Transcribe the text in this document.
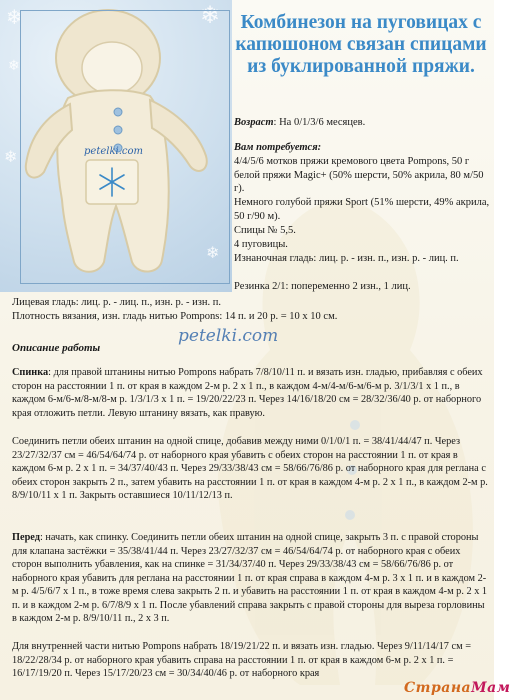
❄
❄
❄
❄
❄
petelki.com
Комбинезон на пуговицах с капюшоном связан спицами из буклированной пряжи.
Возраст: На 0/1/3/6 месяцев.
Вам потребуется:
4/4/5/6 мотков пряжи кремового цвета Pompons, 50 г белой пряжи Magic+ (50% шерсти, 50% акрила, 80 м/50 г).
Немного голубой пряжи Sport (51% шерсти, 49% акрила, 50 г/90 м).
Спицы № 5,5.
4 пуговицы.
Изнаночная гладь: лиц. р. - изн. п., изн. р. - лиц. п.
Резинка 2/1: попеременно 2 изн., 1 лиц.
Лицевая гладь: лиц. р. - лиц. п., изн. р. - изн. п.
Плотность вязания, изн. гладь нитью Pompons: 14 п. и 20 р. = 10 х 10 см.
petelki.com
Описание работы

Спинка: для правой штанины нитью Pompons набрать 7/8/10/11 п. и вязать изн. гладью, прибавляя с обеих сторон на расстоянии 1 п. от края в каждом 2-м р. 2 х 1 п., в каждом 4-м/4-м/6-м/6-м р. 3/1/3/1 х 1 п., в каждом 6-м/6-м/8-м/8-м р. 1/3/1/3 х 1 п. = 19/20/22/23 п. Через 14/16/18/20 см = 28/32/36/40 р. от наборного края отложить петли. Левую штанину вязать, как правую.

Соединить петли обеих штанин на одной спице, добавив между ними 0/1/0/1 п. = 38/41/44/47 п. Через 23/27/32/37 см = 46/54/64/74 р. от наборного края убавить с обеих сторон на расстоянии 1 п. от края в каждом 6-м р. 2 х 1 п. = 34/37/40/43 п. Через 29/33/38/43 см = 58/66/76/86 р. от наборного края для реглана с обеих сторон закрыть 2 п., затем убавить на расстоянии 1 п. от края в каждом 4-м р. 2 х 1 п., в каждом 2-м р. 8/9/10/11 х 1 п. Закрыть оставшиеся 10/11/12/13 п.

Перед: начать, как спинку. Соединить петли обеих штанин на одной спице, закрыть 3 п. с правой стороны для клапана застёжки = 35/38/41/44 п. Через 23/27/32/37 см = 46/54/64/74 р. от наборного края с обеих сторон выполнить убавления, как на спинке = 31/34/37/40 п. Через 29/33/38/43 см = 58/66/76/86 р. от наборного края убавить для реглана на расстоянии 1 п. от края справа в каждом 4-м р. 3 х 1 п. и в каждом 2-м р. 4/5/6/7 х 1 п., в тоже время слева закрыть 2 п. и убавить на расстоянии 1 п. от края в каждом 4-м р. 2 х 1 п. и в каждом 2-м р. 6/7/8/9 х 1 п. После убавлений справа закрыть с правой стороны для выреза горловины в каждом 2-м р. 8/9/10/11 п., 2 х 3 п.

Для внутренней части нитью Pompons набрать 18/19/21/22 п. и вязать изн. гладью. Через 9/11/14/17 см = 18/22/28/34 р. от наборного края убавить справа на расстоянии 1 п. от края в каждом 6-м р. 2 х 1 п. = 16/17/19/20 п. Через 15/17/20/23 см = 30/34/40/46 р. от наборного края

СтранаМам
